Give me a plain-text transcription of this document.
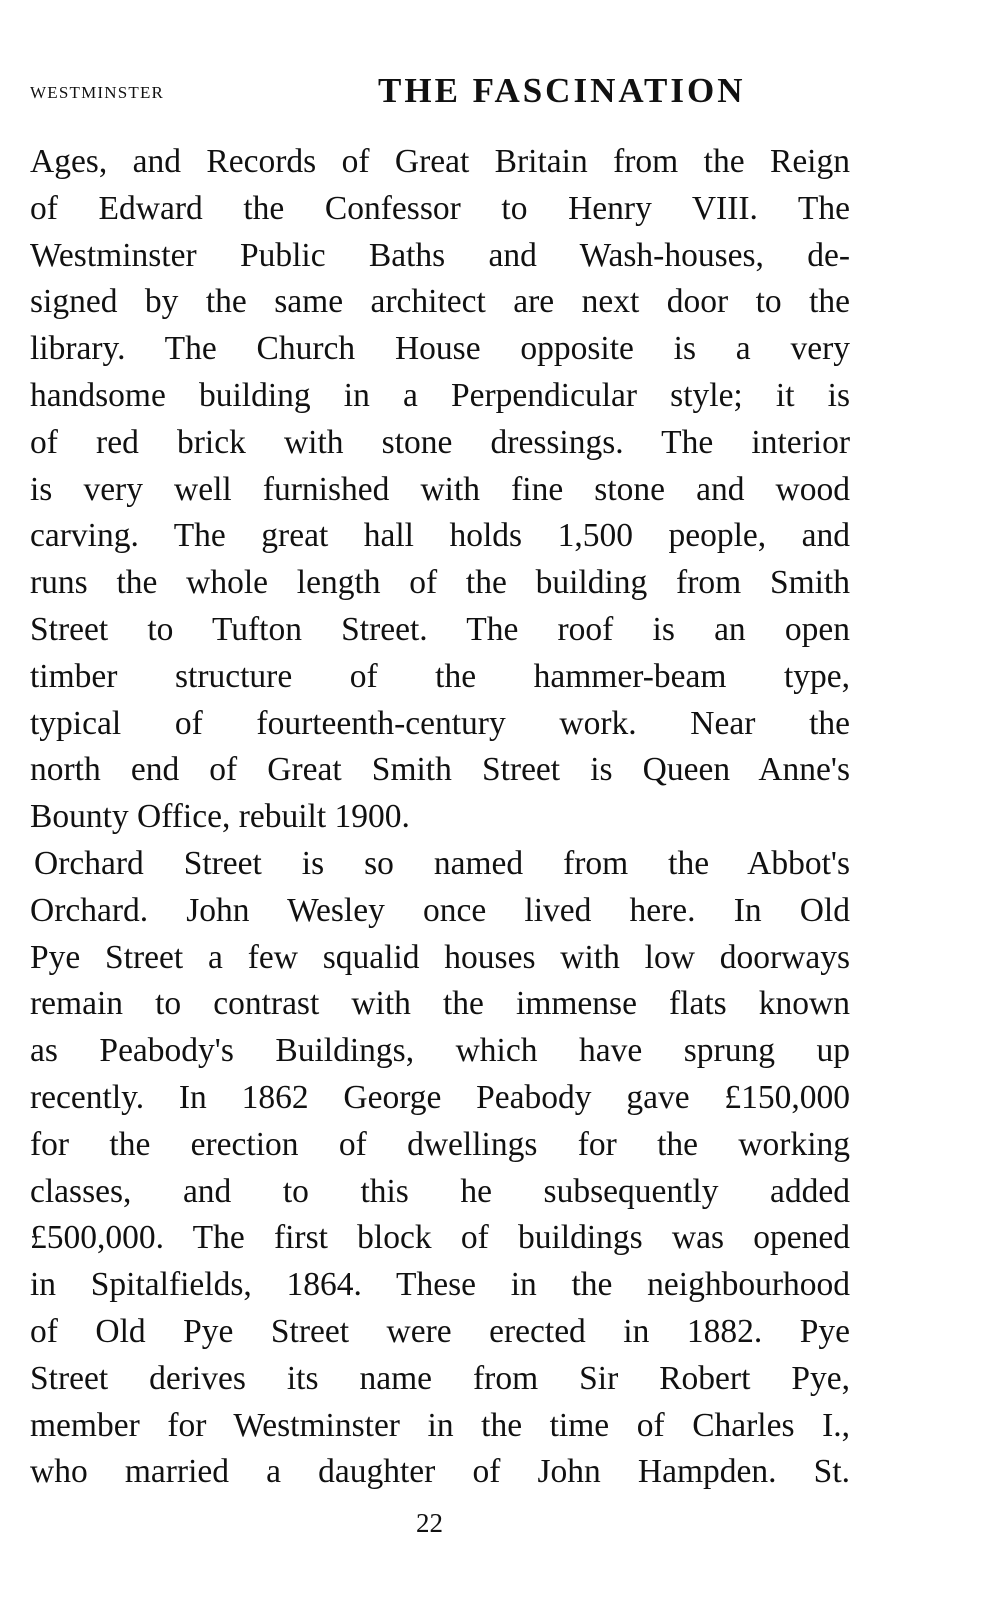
WESTMINSTER	THE FASCINATION
Ages, and Records of Great Britain from the Reign
of Edward the Confessor to Henry VIII. The
Westminster Public Baths and Wash-houses, de-
signed by the same architect are next door to the
library. The Church House opposite is a very
handsome building in a Perpendicular style; it is
of red brick with stone dressings. The interior
is very well furnished with fine stone and wood
carving. The great hall holds 1,500 people, and
runs the whole length of the building from Smith
Street to Tufton Street. The roof is an open
timber structure of the hammer-beam type,
typical of fourteenth-century work. Near the
north end of Great Smith Street is Queen Anne's
Bounty Office, rebuilt 1900.
Orchard Street is so named from the Abbot's
Orchard. John Wesley once lived here. In Old
Pye Street a few squalid houses with low doorways
remain to contrast with the immense flats known
as Peabody's Buildings, which have sprung up
recently. In 1862 George Peabody gave £150,000
for the erection of dwellings for the working
classes, and to this he subsequently added
£500,000. The first block of buildings was opened
in Spitalfields, 1864. These in the neighbourhood
of Old Pye Street were erected in 1882. Pye
Street derives its name from Sir Robert Pye,
member for Westminster in the time of Charles I.,
who married a daughter of John Hampden. St.
22
